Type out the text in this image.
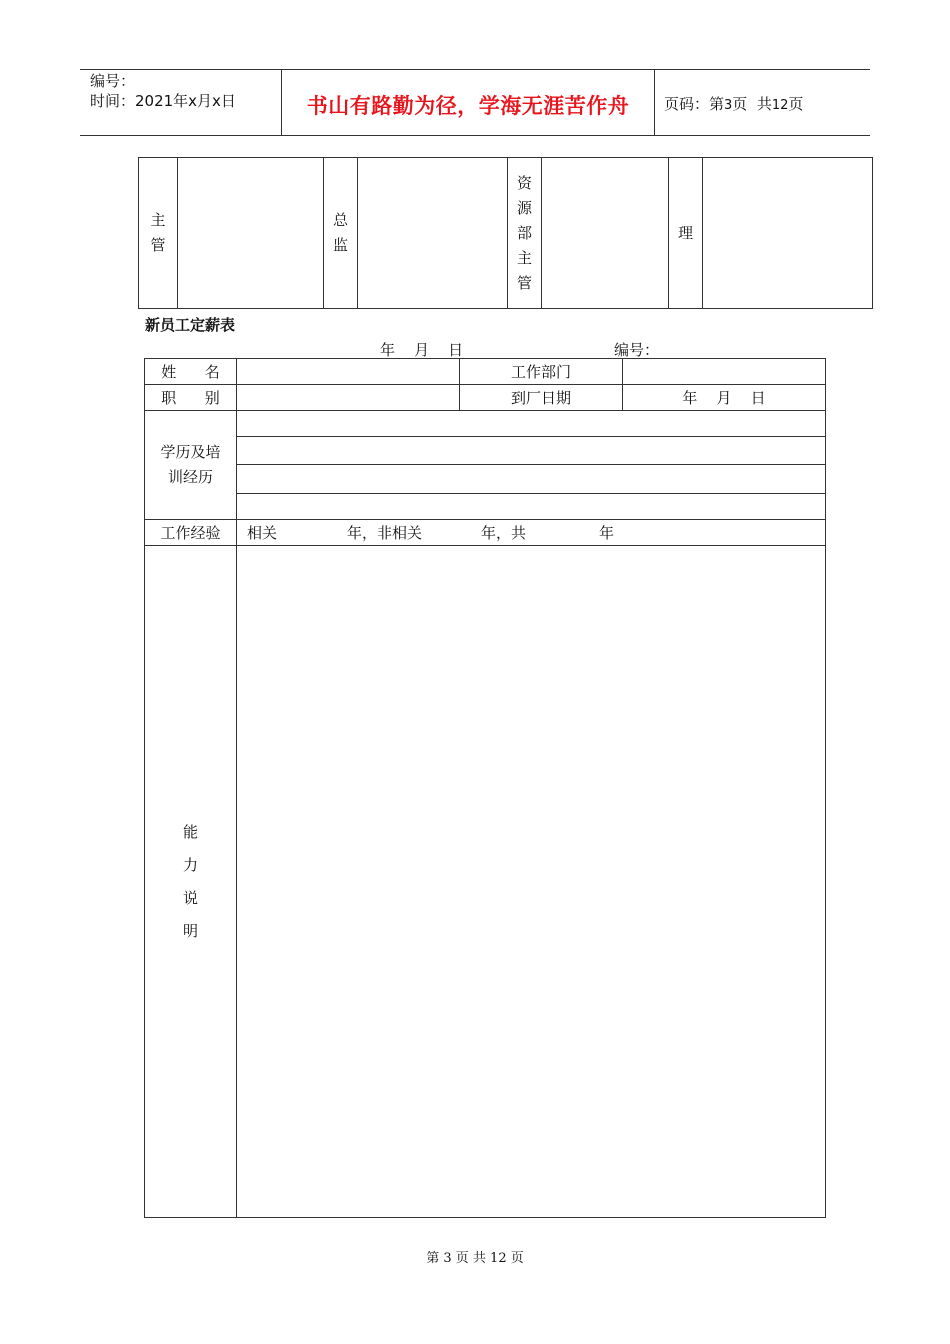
编号：
时间：2021年x月x日	书山有路勤为径，学海无涯苦作舟	页码：第3页  共12页
主管		总监		资源部主管		理	
新员工定薪表
年    月    日	编号：
姓      名		工作部门	
职      别		到厂日期	年    月    日
学历及培训经历			

工作经验	相关 年，非相关 年，共 年		
能力说明			
第 3 页 共 12 页
